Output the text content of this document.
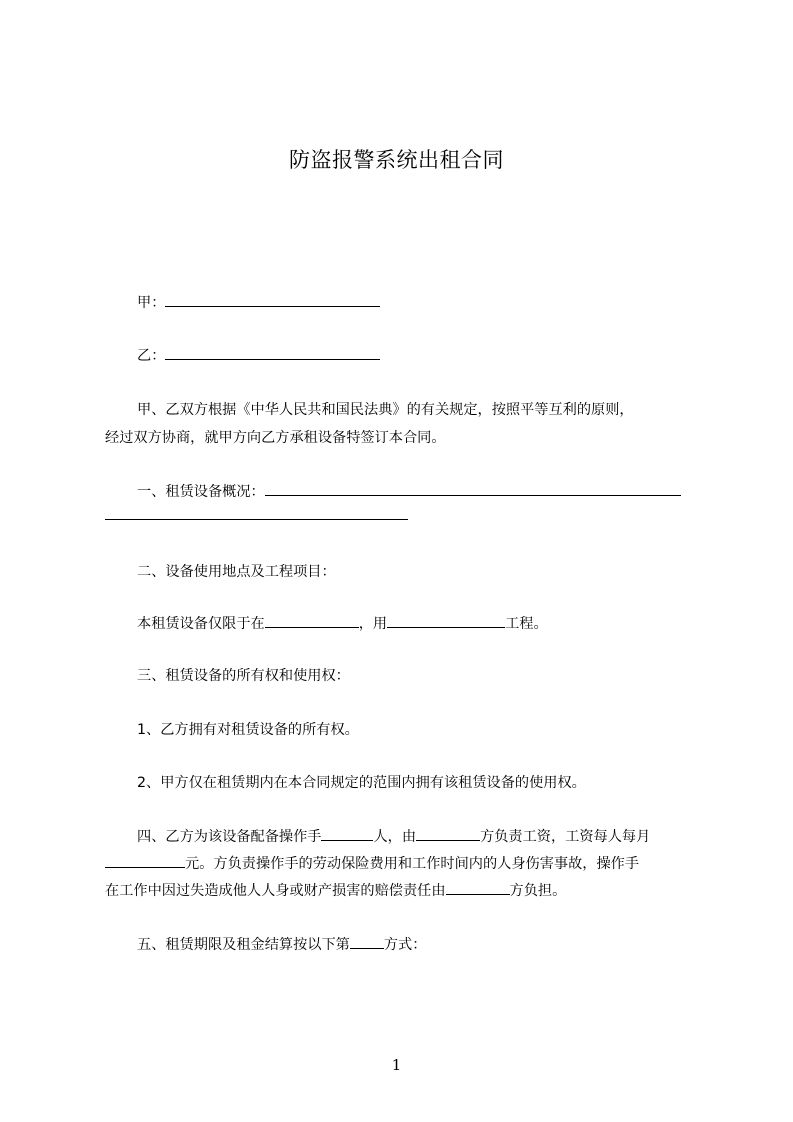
防盗报警系统出租合同
甲：
乙：
甲、乙双方根据《中华人民共和国民法典》的有关规定，按照平等互利的原则，
经过双方协商，就甲方向乙方承租设备特签订本合同。
一、租赁设备概况：
二、设备使用地点及工程项目：
本租赁设备仅限于在	，用	工程。
三、租赁设备的所有权和使用权：
1、乙方拥有对租赁设备的所有权。
2、甲方仅在租赁期内在本合同规定的范围内拥有该租赁设备的使用权。
四、乙方为该设备配备操作手	人，由	方负责工资，工资每人每月
元。方负责操作手的劳动保险费用和工作时间内的人身伤害事故，操作手
在工作中因过失造成他人人身或财产损害的赔偿责任由	方负担。
五、租赁期限及租金结算按以下第 方式：
1
